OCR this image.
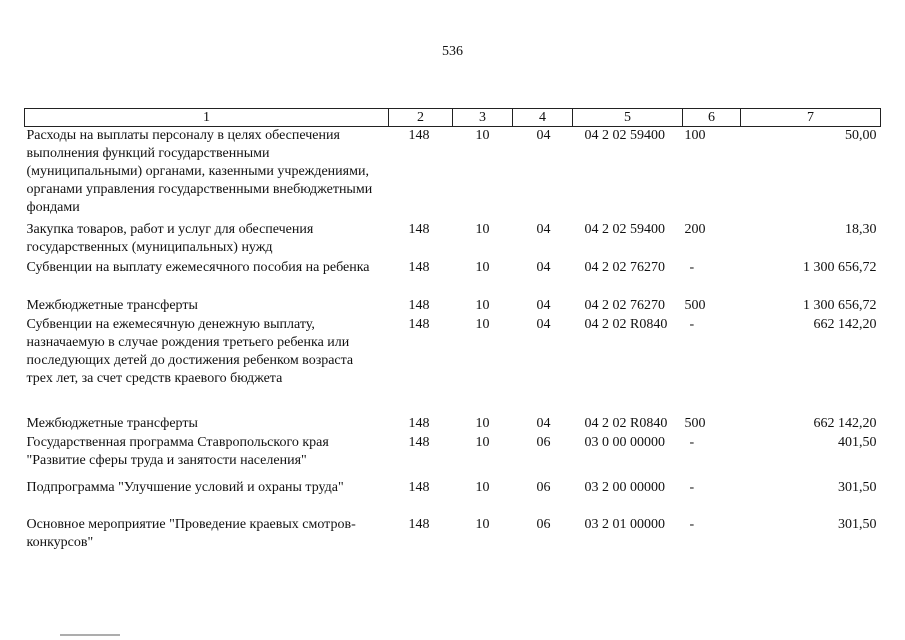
536
1	2	3	4	5	6	7
Расходы на выплаты персоналу в целях обеспечения выполнения функций государственными (муниципальными) органами, казенными учреждениями, органами управления государственными внебюджетными фондами	148	10	04	04 2 02 59400	100	50,00
Закупка товаров, работ и услуг для обеспечения государственных (муниципальных) нужд	148	10	04	04 2 02 59400	200	18,30
Субвенции на выплату ежемесячного пособия на ребенка	148	10	04	04 2 02 76270	-	1 300 656,72
Межбюджетные трансферты	148	10	04	04 2 02 76270	500	1 300 656,72
Субвенции на ежемесячную денежную выплату, назначаемую в случае рождения третьего ребенка или последующих детей до достижения ребенком возраста трех лет, за счет средств краевого бюджета	148	10	04	04 2 02 R0840	-	662 142,20
Межбюджетные трансферты	148	10	04	04 2 02 R0840	500	662 142,20
Государственная программа Ставропольского края "Развитие сферы труда и занятости населения"	148	10	06	03 0 00 00000	-	401,50
Подпрограмма "Улучшение условий и охраны труда"	148	10	06	03 2 00 00000	-	301,50
Основное мероприятие "Проведение краевых смотров-конкурсов"	148	10	06	03 2 01 00000	-	301,50
